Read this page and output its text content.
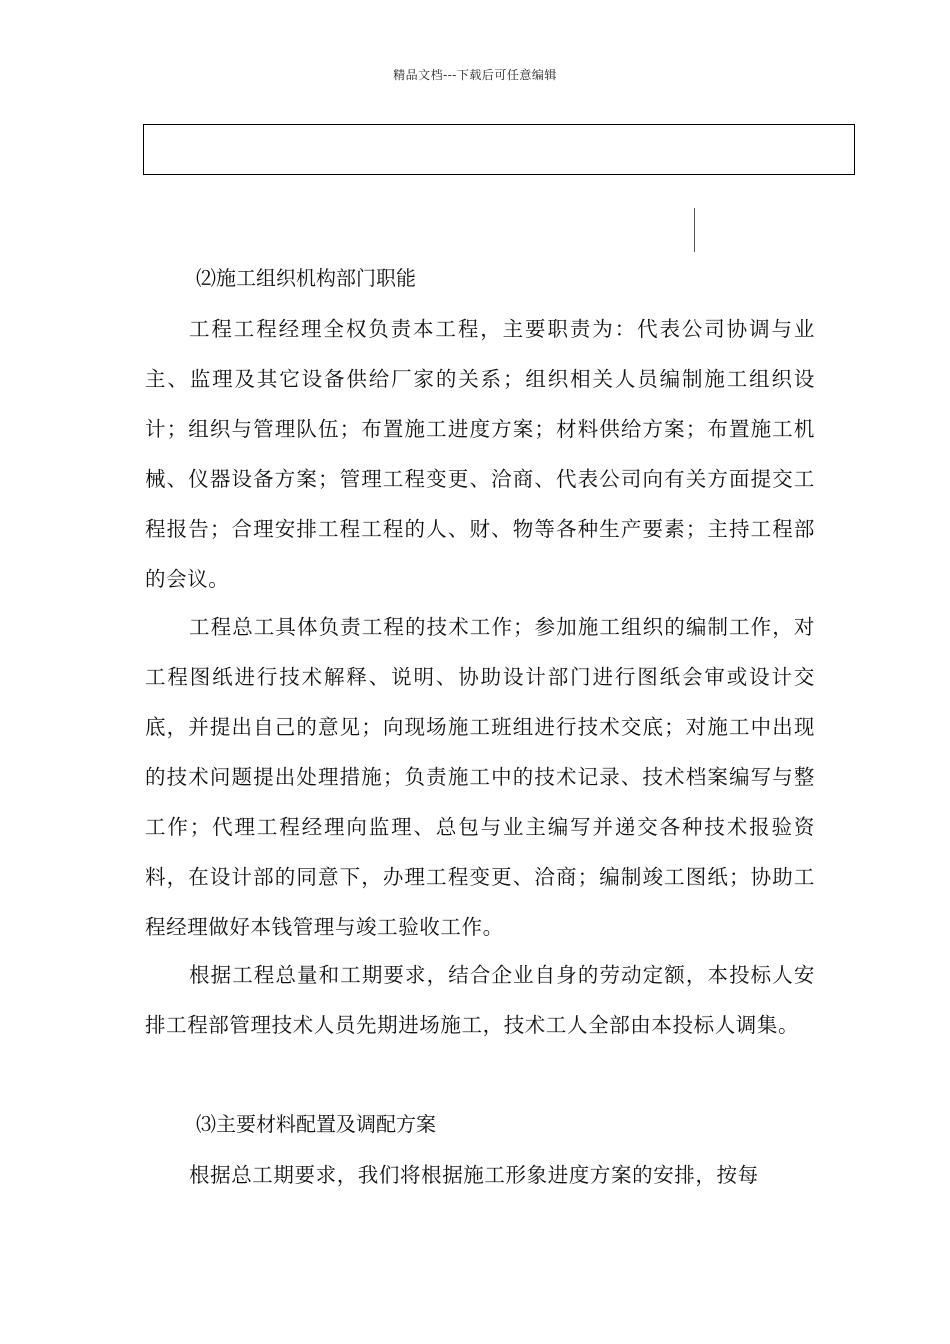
精品文档---下载后可任意编辑
⑵施工组织机构部门职能
工程工程经理全权负责本工程，主要职责为：代表公司协调与业主、监理及其它设备供给厂家的关系；组织相关人员编制施工组织设计；组织与管理队伍；布置施工进度方案；材料供给方案；布置施工机械、仪器设备方案；管理工程变更、洽商、代表公司向有关方面提交工程报告；合理安排工程工程的人、财、物等各种生产要素；主持工程部的会议。
工程总工具体负责工程的技术工作；参加施工组织的编制工作，对工程图纸进行技术解释、说明、协助设计部门进行图纸会审或设计交底，并提出自己的意见；向现场施工班组进行技术交底；对施工中出现的技术问题提出处理措施；负责施工中的技术记录、技术档案编写与整工作；代理工程经理向监理、总包与业主编写并递交各种技术报验资料，在设计部的同意下，办理工程变更、洽商；编制竣工图纸；协助工程经理做好本钱管理与竣工验收工作。
根据工程总量和工期要求，结合企业自身的劳动定额，本投标人安排工程部管理技术人员先期进场施工，技术工人全部由本投标人调集。
⑶主要材料配置及调配方案
根据总工期要求，我们将根据施工形象进度方案的安排，按每
